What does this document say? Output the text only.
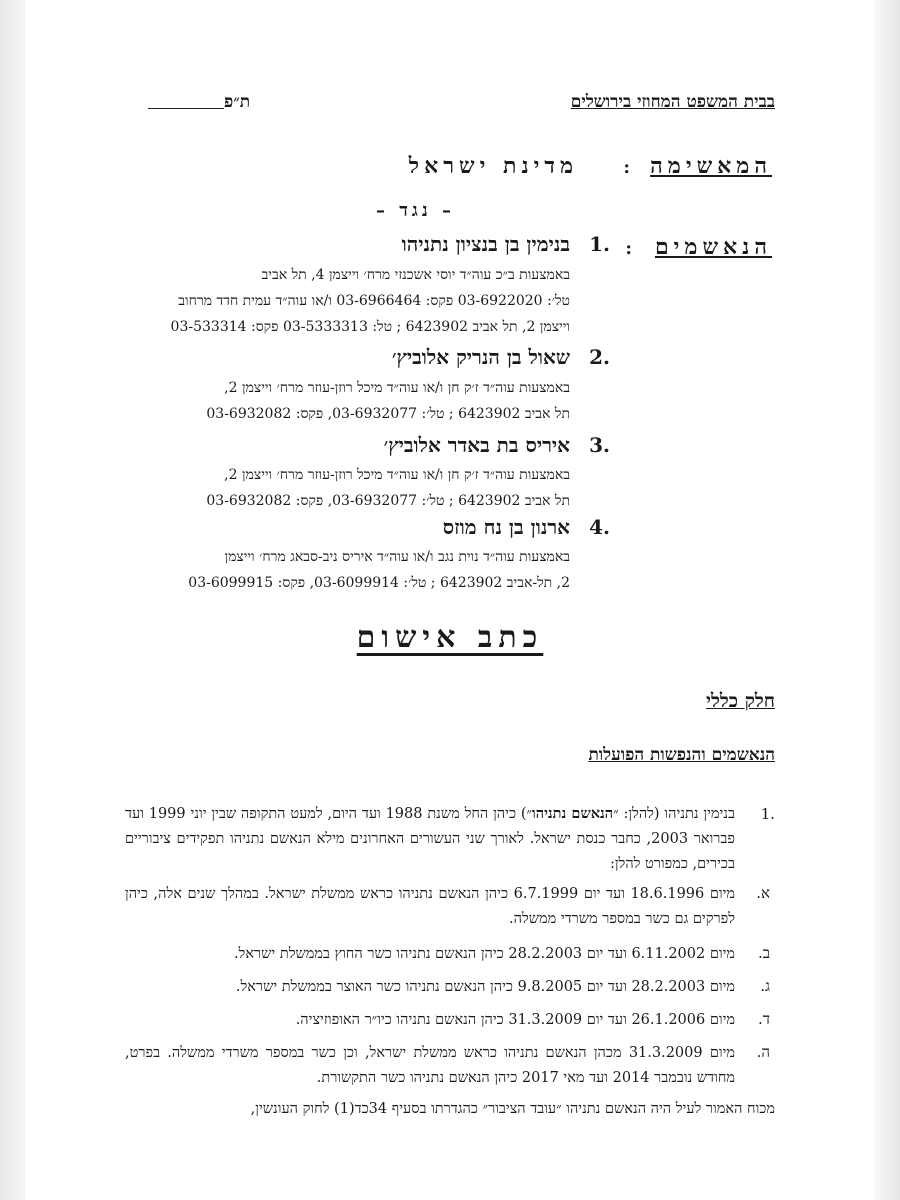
בבית המשפט המחוזי בירושלים
ת״פ
המאשימה
:
מדינת ישראל
– נגד –
הנאשמים
:
1.
בנימין בן בנציון נתניהו
באמצעות ב״כ עוה״ד יוסי אשכנזי מרח׳ וייצמן 4, תל אביב
טל׳: 03-6922020 פקס: 03-6966464 ו/או עוה״ד עמית חדד מרחוב
וייצמן 2, תל אביב 6423902 ; טל: 03-5333313 פקס: 03-533314
2.
שאול בן הנריק אלוביץ׳
באמצעות עוה״ד ז׳ק חן ו/או עוה״ד מיכל רוזן-עוזר מרח׳ וייצמן 2,
תל אביב 6423902 ; טל׳: 03-6932077, פקס: 03-6932082
3.
איריס בת באדר אלוביץ׳
באמצעות עוה״ד ז׳ק חן ו/או עוה״ד מיכל רוזן-עוזר מרח׳ וייצמן 2,
תל אביב 6423902 ; טל׳: 03-6932077, פקס: 03-6932082
4.
ארנון בן נח מוזס
באמצעות עוה״ד נוית נגב ו/או עוה״ד איריס ניב-סבאג מרח׳ וייצמן
2, תל-אביב 6423902 ; טל׳: 03-6099914, פקס: 03-6099915
כתב אישום
חלק כללי
הנאשמים והנפשות הפועלות
1.
בנימין נתניהו (להלן: ״הנאשם נתניהו״) כיהן החל משנת 1988 ועד היום, למעט התקופה שבין יוני 1999 ועד פברואר 2003, כחבר כנסת ישראל. לאורך שני העשורים האחרונים מילא הנאשם נתניהו תפקידים ציבוריים בכירים, כמפורט להלן:
א.
מיום 18.6.1996 ועד יום 6.7.1999 כיהן הנאשם נתניהו כראש ממשלת ישראל. במהלך שנים אלה, כיהן לפרקים גם כשר במספר משרדי ממשלה.
ב.
מיום 6.11.2002 ועד יום 28.2.2003 כיהן הנאשם נתניהו כשר החוץ בממשלת ישראל.
ג.
מיום 28.2.2003 ועד יום 9.8.2005 כיהן הנאשם נתניהו כשר האוצר בממשלת ישראל.
ד.
מיום 26.1.2006 ועד יום 31.3.2009 כיהן הנאשם נתניהו כיו״ר האופוזיציה.
ה.
מיום 31.3.2009 מכהן הנאשם נתניהו כראש ממשלת ישראל, וכן כשר במספר משרדי ממשלה. בפרט, מחודש נובמבר 2014 ועד מאי 2017 כיהן הנאשם נתניהו כשר התקשורת.
מכוח האמור לעיל היה הנאשם נתניהו ״עובד הציבור״ כהגדרתו בסעיף 34כד(1) לחוק העונשין,
